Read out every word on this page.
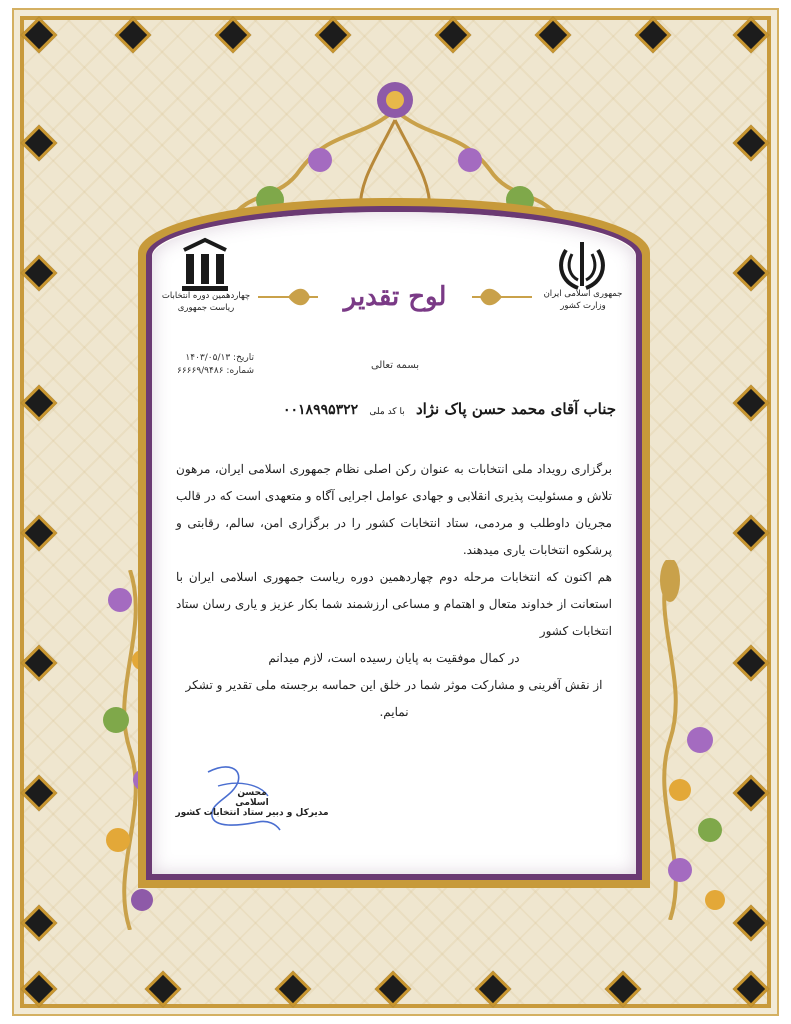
چهاردهمین دوره انتخابات ریاست جمهوری
جمهوری اسلامی ایران وزارت کشور
لوح تقدیر
تاریخ: ۱۴۰۳/۰۵/۱۳
شماره: ۶۶۶۶۹/۹۴۸۶	بسمه تعالی
جناب آقای محمد حسن پاک نژاد با کد ملی ۰۰۱۸۹۹۵۳۲۲

برگزاری رویداد ملی انتخابات به عنوان رکن اصلی نظام جمهوری اسلامی ایران، مرهون تلاش و مسئولیت پذیری انقلابی و جهادی عوامل اجرایی آگاه و متعهدی است که در قالب مجریان داوطلب و مردمی، ستاد انتخابات کشور را در برگزاری امن، سالم، رقابتی و پرشکوه انتخابات یاری میدهند.

هم اکنون که انتخابات مرحله دوم چهاردهمین دوره ریاست جمهوری اسلامی ایران با استعانت از خداوند متعال و اهتمام و مساعی ارزشمند شما بکار عزیز و یاری رسان ستاد انتخابات کشور

در کمال موفقیت به پایان رسیده است، لازم میدانم

از نقش آفرینی و مشارکت موثر شما در خلق این حماسه برجسته ملی تقدیر و تشکر نمایم.

محسن اسلامی
مدیرکل و دبیر ستاد انتخابات کشور
